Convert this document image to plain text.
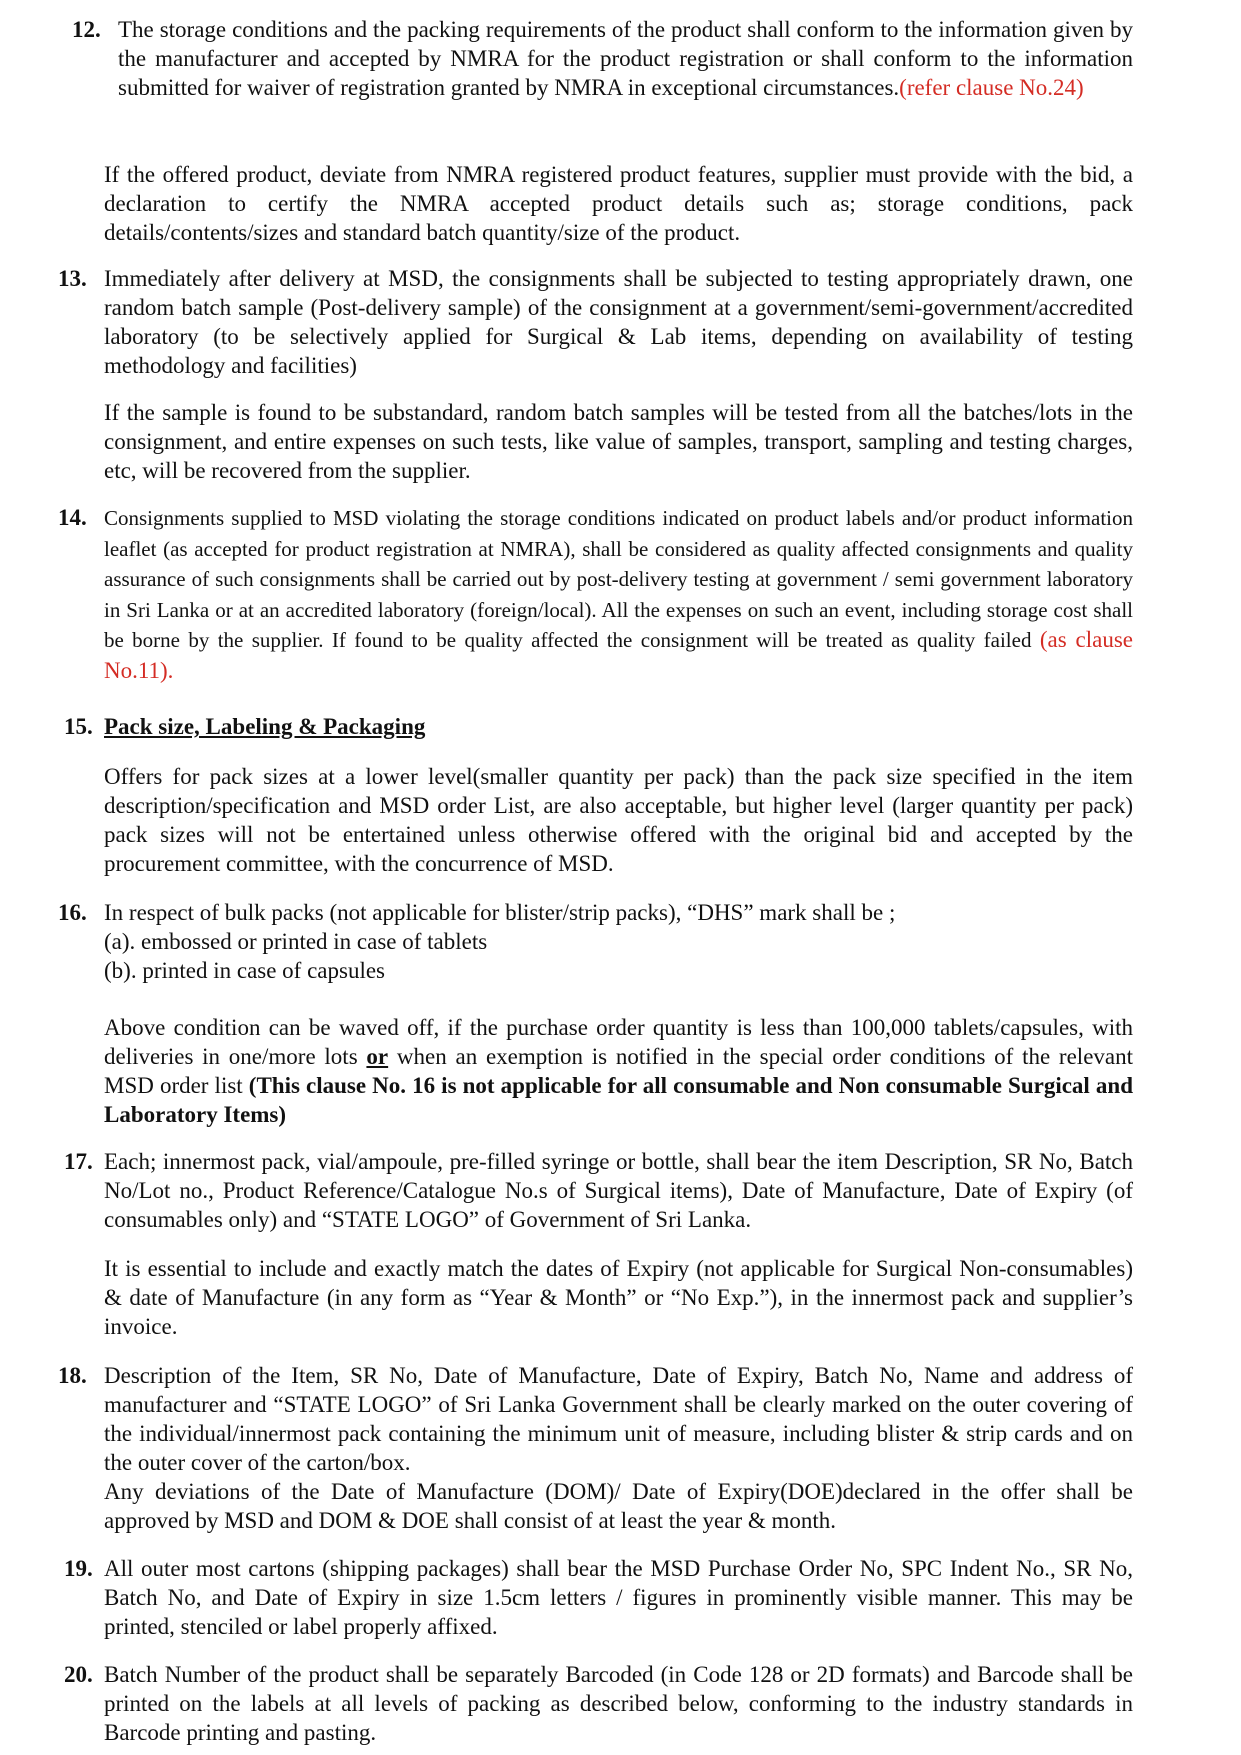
12. The storage conditions and the packing requirements of the product shall conform to the information given by the manufacturer and accepted by NMRA for the product registration or shall conform to the information submitted for waiver of registration granted by NMRA in exceptional circumstances.(refer clause No.24)
If the offered product, deviate from NMRA registered product features, supplier must provide with the bid, a declaration to certify the NMRA accepted product details such as; storage conditions, pack details/contents/sizes and standard batch quantity/size of the product.
13. Immediately after delivery at MSD, the consignments shall be subjected to testing appropriately drawn, one random batch sample (Post-delivery sample) of the consignment at a government/semi-government/accredited laboratory (to be selectively applied for Surgical & Lab items, depending on availability of testing methodology and facilities)
If the sample is found to be substandard, random batch samples will be tested from all the batches/lots in the consignment, and entire expenses on such tests, like value of samples, transport, sampling and testing charges, etc, will be recovered from the supplier.
14. Consignments supplied to MSD violating the storage conditions indicated on product labels and/or product information leaflet (as accepted for product registration at NMRA), shall be considered as quality affected consignments and quality assurance of such consignments shall be carried out by post-delivery testing at government / semi government laboratory in Sri Lanka or at an accredited laboratory (foreign/local). All the expenses on such an event, including storage cost shall be borne by the supplier. If found to be quality affected the consignment will be treated as quality failed (as clause No.11).
15. Pack size, Labeling & Packaging
Offers for pack sizes at a lower level(smaller quantity per pack) than the pack size specified in the item description/specification and MSD order List, are also acceptable, but higher level (larger quantity per pack) pack sizes will not be entertained unless otherwise offered with the original bid and accepted by the procurement committee, with the concurrence of MSD.
16. In respect of bulk packs (not applicable for blister/strip packs), “DHS” mark shall be ;
(a). embossed or printed in case of tablets
(b). printed in case of capsules
Above condition can be waved off, if the purchase order quantity is less than 100,000 tablets/capsules, with deliveries in one/more lots or when an exemption is notified in the special order conditions of the relevant MSD order list (This clause No. 16 is not applicable for all consumable and Non consumable Surgical and Laboratory Items)
17. Each; innermost pack, vial/ampoule, pre-filled syringe or bottle, shall bear the item Description, SR No, Batch No/Lot no., Product Reference/Catalogue No.s of Surgical items), Date of Manufacture, Date of Expiry (of consumables only) and “STATE LOGO” of Government of Sri Lanka.
It is essential to include and exactly match the dates of Expiry (not applicable for Surgical Non-consumables) & date of Manufacture (in any form as “Year & Month” or “No Exp.”), in the innermost pack and supplier’s invoice.
18. Description of the Item, SR No, Date of Manufacture, Date of Expiry, Batch No, Name and address of manufacturer and “STATE LOGO” of Sri Lanka Government shall be clearly marked on the outer covering of the individual/innermost pack containing the minimum unit of measure, including blister & strip cards and on the outer cover of the carton/box.
Any deviations of the Date of Manufacture (DOM)/ Date of Expiry(DOE)declared in the offer shall be approved by MSD and DOM & DOE shall consist of at least the year & month.
19. All outer most cartons (shipping packages) shall bear the MSD Purchase Order No, SPC Indent No., SR No, Batch No, and Date of Expiry in size 1.5cm letters / figures in prominently visible manner. This may be printed, stenciled or label properly affixed.
20. Batch Number of the product shall be separately Barcoded (in Code 128 or 2D formats) and Barcode shall be printed on the labels at all levels of packing as described below, conforming to the industry standards in Barcode printing and pasting.
